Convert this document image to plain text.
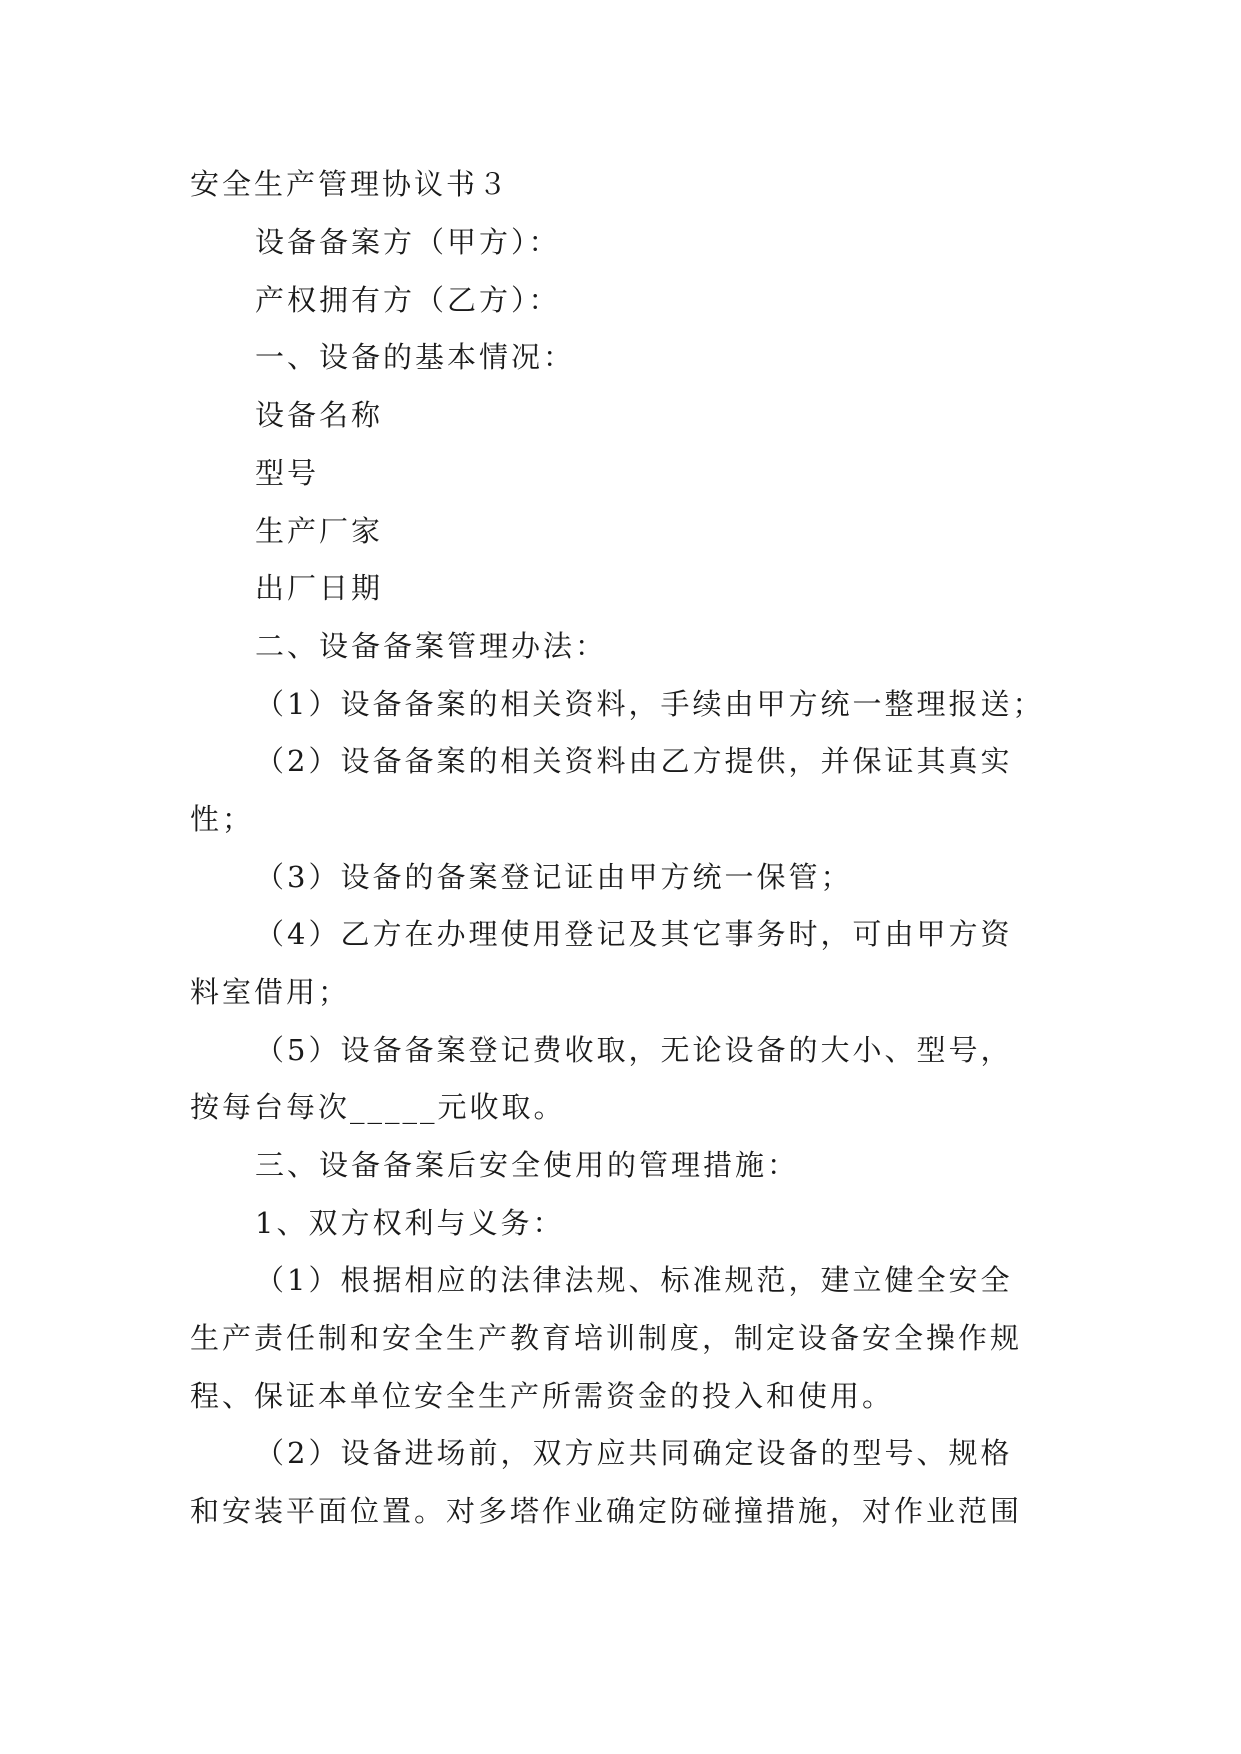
安全生产管理协议书３
设备备案方（甲方）：
产权拥有方（乙方）：
一、设备的基本情况：
设备名称
型号
生产厂家
出厂日期
二、设备备案管理办法：
（1）设备备案的相关资料，手续由甲方统一整理报送；
（2）设备备案的相关资料由乙方提供，并保证其真实
性；
（3）设备的备案登记证由甲方统一保管；
（4）乙方在办理使用登记及其它事务时，可由甲方资
料室借用；
（5）设备备案登记费收取，无论设备的大小、型号，
按每台每次_____元收取。
三、设备备案后安全使用的管理措施：
1、双方权利与义务：
（1）根据相应的法律法规、标准规范，建立健全安全
生产责任制和安全生产教育培训制度，制定设备安全操作规
程、保证本单位安全生产所需资金的投入和使用。
（2）设备进场前，双方应共同确定设备的型号、规格
和安装平面位置。对多塔作业确定防碰撞措施，对作业范围
